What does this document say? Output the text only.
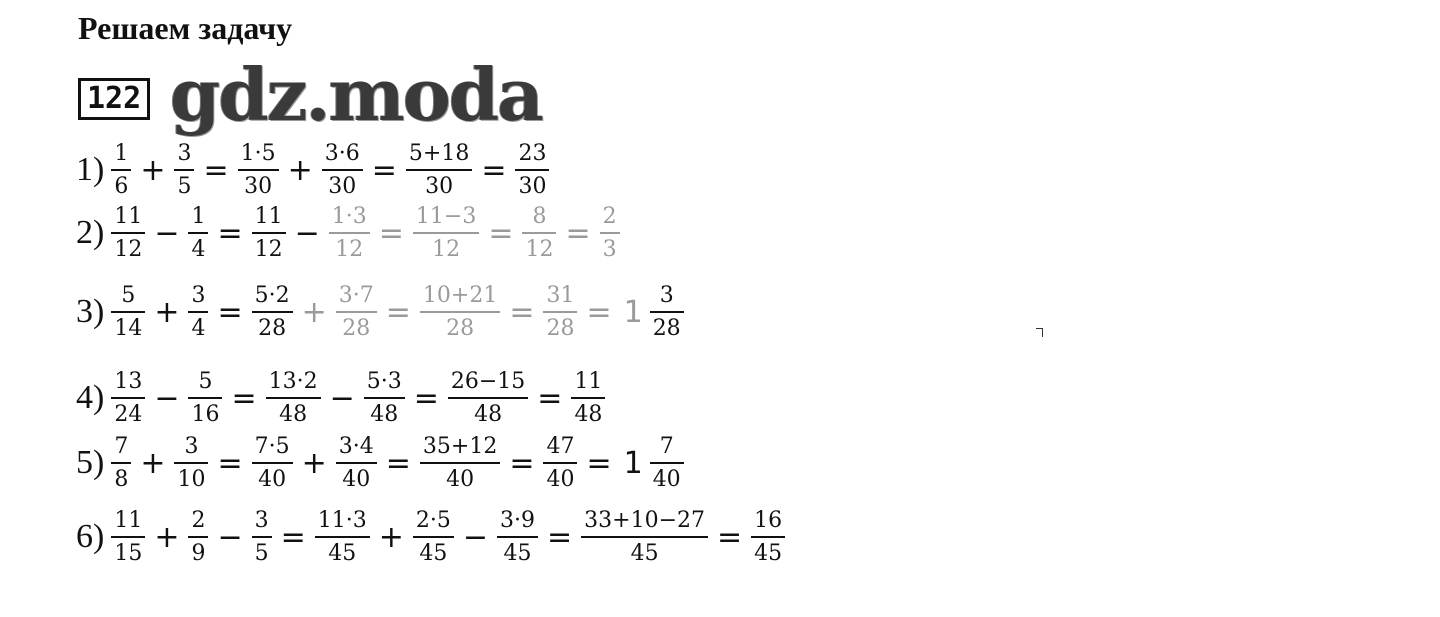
Решаем задачу
122 gdz.moda
$1) \frac{1}{6} + \frac{3}{5} = \frac{1\cdot 5}{30} + \frac{3\cdot 6}{30} = \frac{5+18}{30} = \frac{23}{30}$
$2) \frac{11}{12} - \frac{1}{4} = \frac{11}{12} - \frac{1\cdot 3}{12} = \frac{11-3}{12} = \frac{8}{12} = \frac{2}{3}$
$3) \frac{5}{14} + \frac{3}{4} = \frac{5\cdot 2}{28} + \frac{3\cdot 7}{28} = \frac{10+21}{28} = \frac{31}{28} = 1 \frac{3}{28}$
$4) \frac{13}{24} - \frac{5}{16} = \frac{13\cdot 2}{48} - \frac{5\cdot 3}{48} = \frac{26-15}{48} = \frac{11}{48}$
$5) \frac{7}{8} + \frac{3}{10} = \frac{7\cdot 5}{40} + \frac{3\cdot 4}{40} = \frac{35+12}{40} = \frac{47}{40} = 1 \frac{7}{40}$
$6) \frac{11}{15} + \frac{2}{9} - \frac{3}{5} = \frac{11\cdot 3}{45} + \frac{2\cdot 5}{45} - \frac{3\cdot 9}{45} = \frac{33+10-27}{45} = \frac{16}{45}$
